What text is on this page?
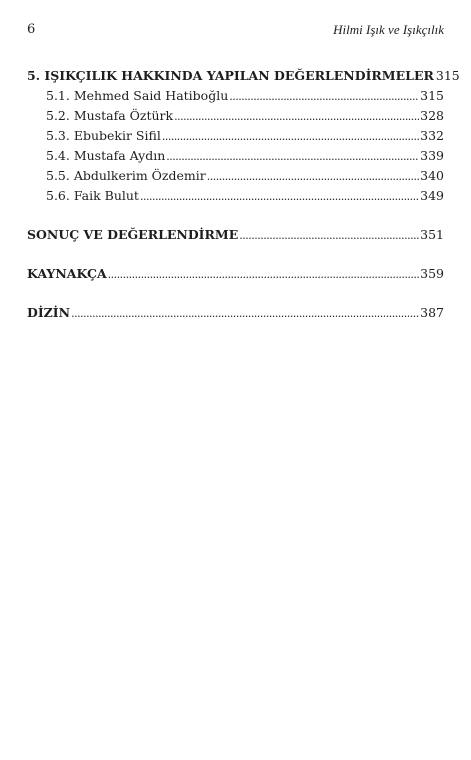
6	Hilmi Işık ve Işıkçılık
5. IŞIKÇILIK HAKKINDA YAPILAN DEĞERLENDİRMELER 315
5.1. Mehmed Said Hatiboğlu .....	315
5.2. Mustafa Öztürk .....	328
5.3. Ebubekir Sifil .....	332
5.4. Mustafa Aydın .....	339
5.5. Abdulkerim Özdemir .....	340
5.6. Faik Bulut .....	349
SONUÇ VE DEĞERLENDİRME .....	351
KAYNAKÇA .....	359
DİZİN .....	387
